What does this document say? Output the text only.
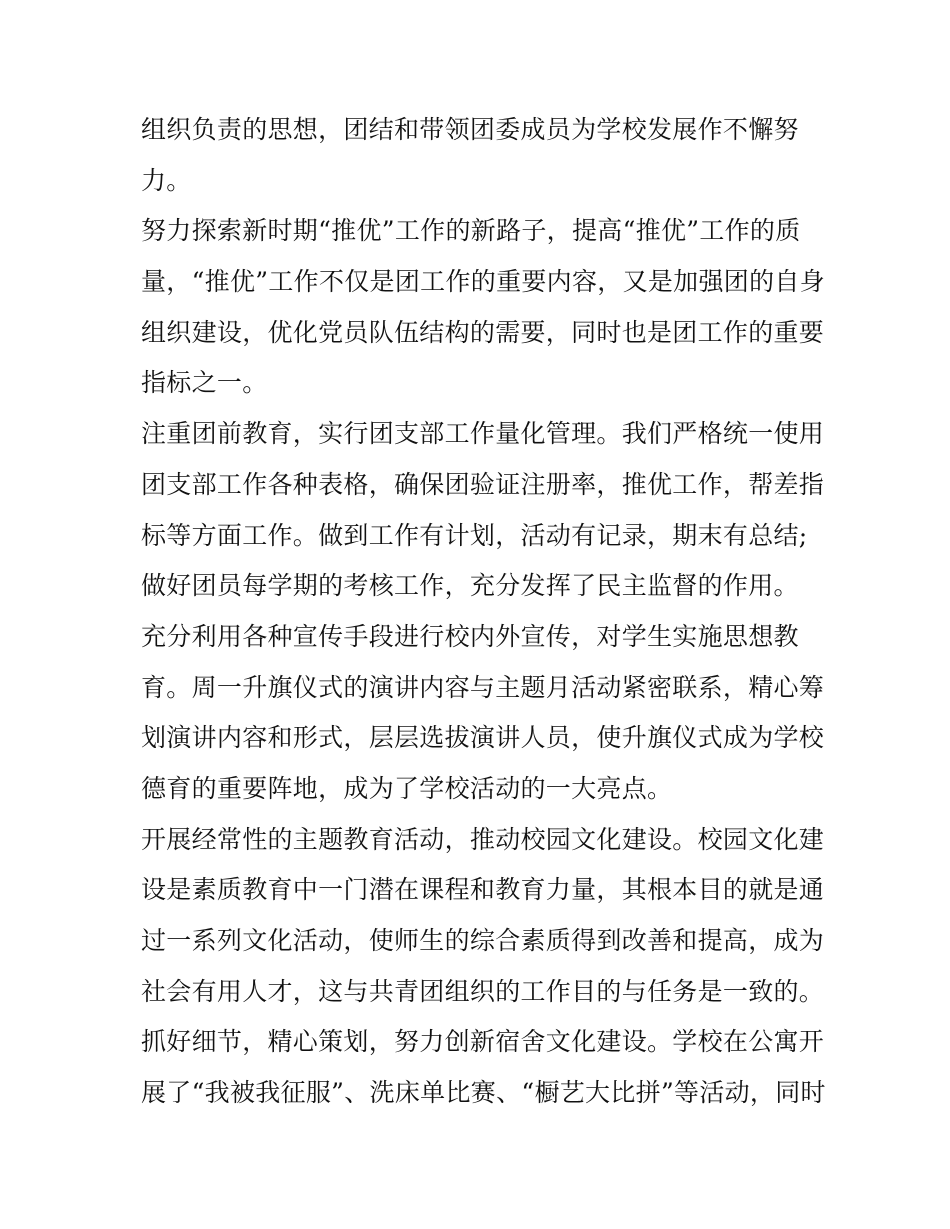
组织负责的思想，团结和带领团委成员为学校发展作不懈努
力。
努力探索新时期“推优”工作的新路子，提高“推优”工作的质
量，“推优”工作不仅是团工作的重要内容，又是加强团的自身
组织建设，优化党员队伍结构的需要，同时也是团工作的重要
指标之一。
注重团前教育，实行团支部工作量化管理。我们严格统一使用
团支部工作各种表格，确保团验证注册率，推优工作，帮差指
标等方面工作。做到工作有计划，活动有记录，期末有总结;
做好团员每学期的考核工作，充分发挥了民主监督的作用。
充分利用各种宣传手段进行校内外宣传，对学生实施思想教
育。周一升旗仪式的演讲内容与主题月活动紧密联系，精心筹
划演讲内容和形式，层层选拔演讲人员，使升旗仪式成为学校
德育的重要阵地，成为了学校活动的一大亮点。
开展经常性的主题教育活动，推动校园文化建设。校园文化建
设是素质教育中一门潜在课程和教育力量，其根本目的就是通
过一系列文化活动，使师生的综合素质得到改善和提高，成为
社会有用人才，这与共青团组织的工作目的与任务是一致的。
抓好细节，精心策划，努力创新宿舍文化建设。学校在公寓开
展了“我被我征服”、洗床单比赛、“橱艺大比拼”等活动，同时
